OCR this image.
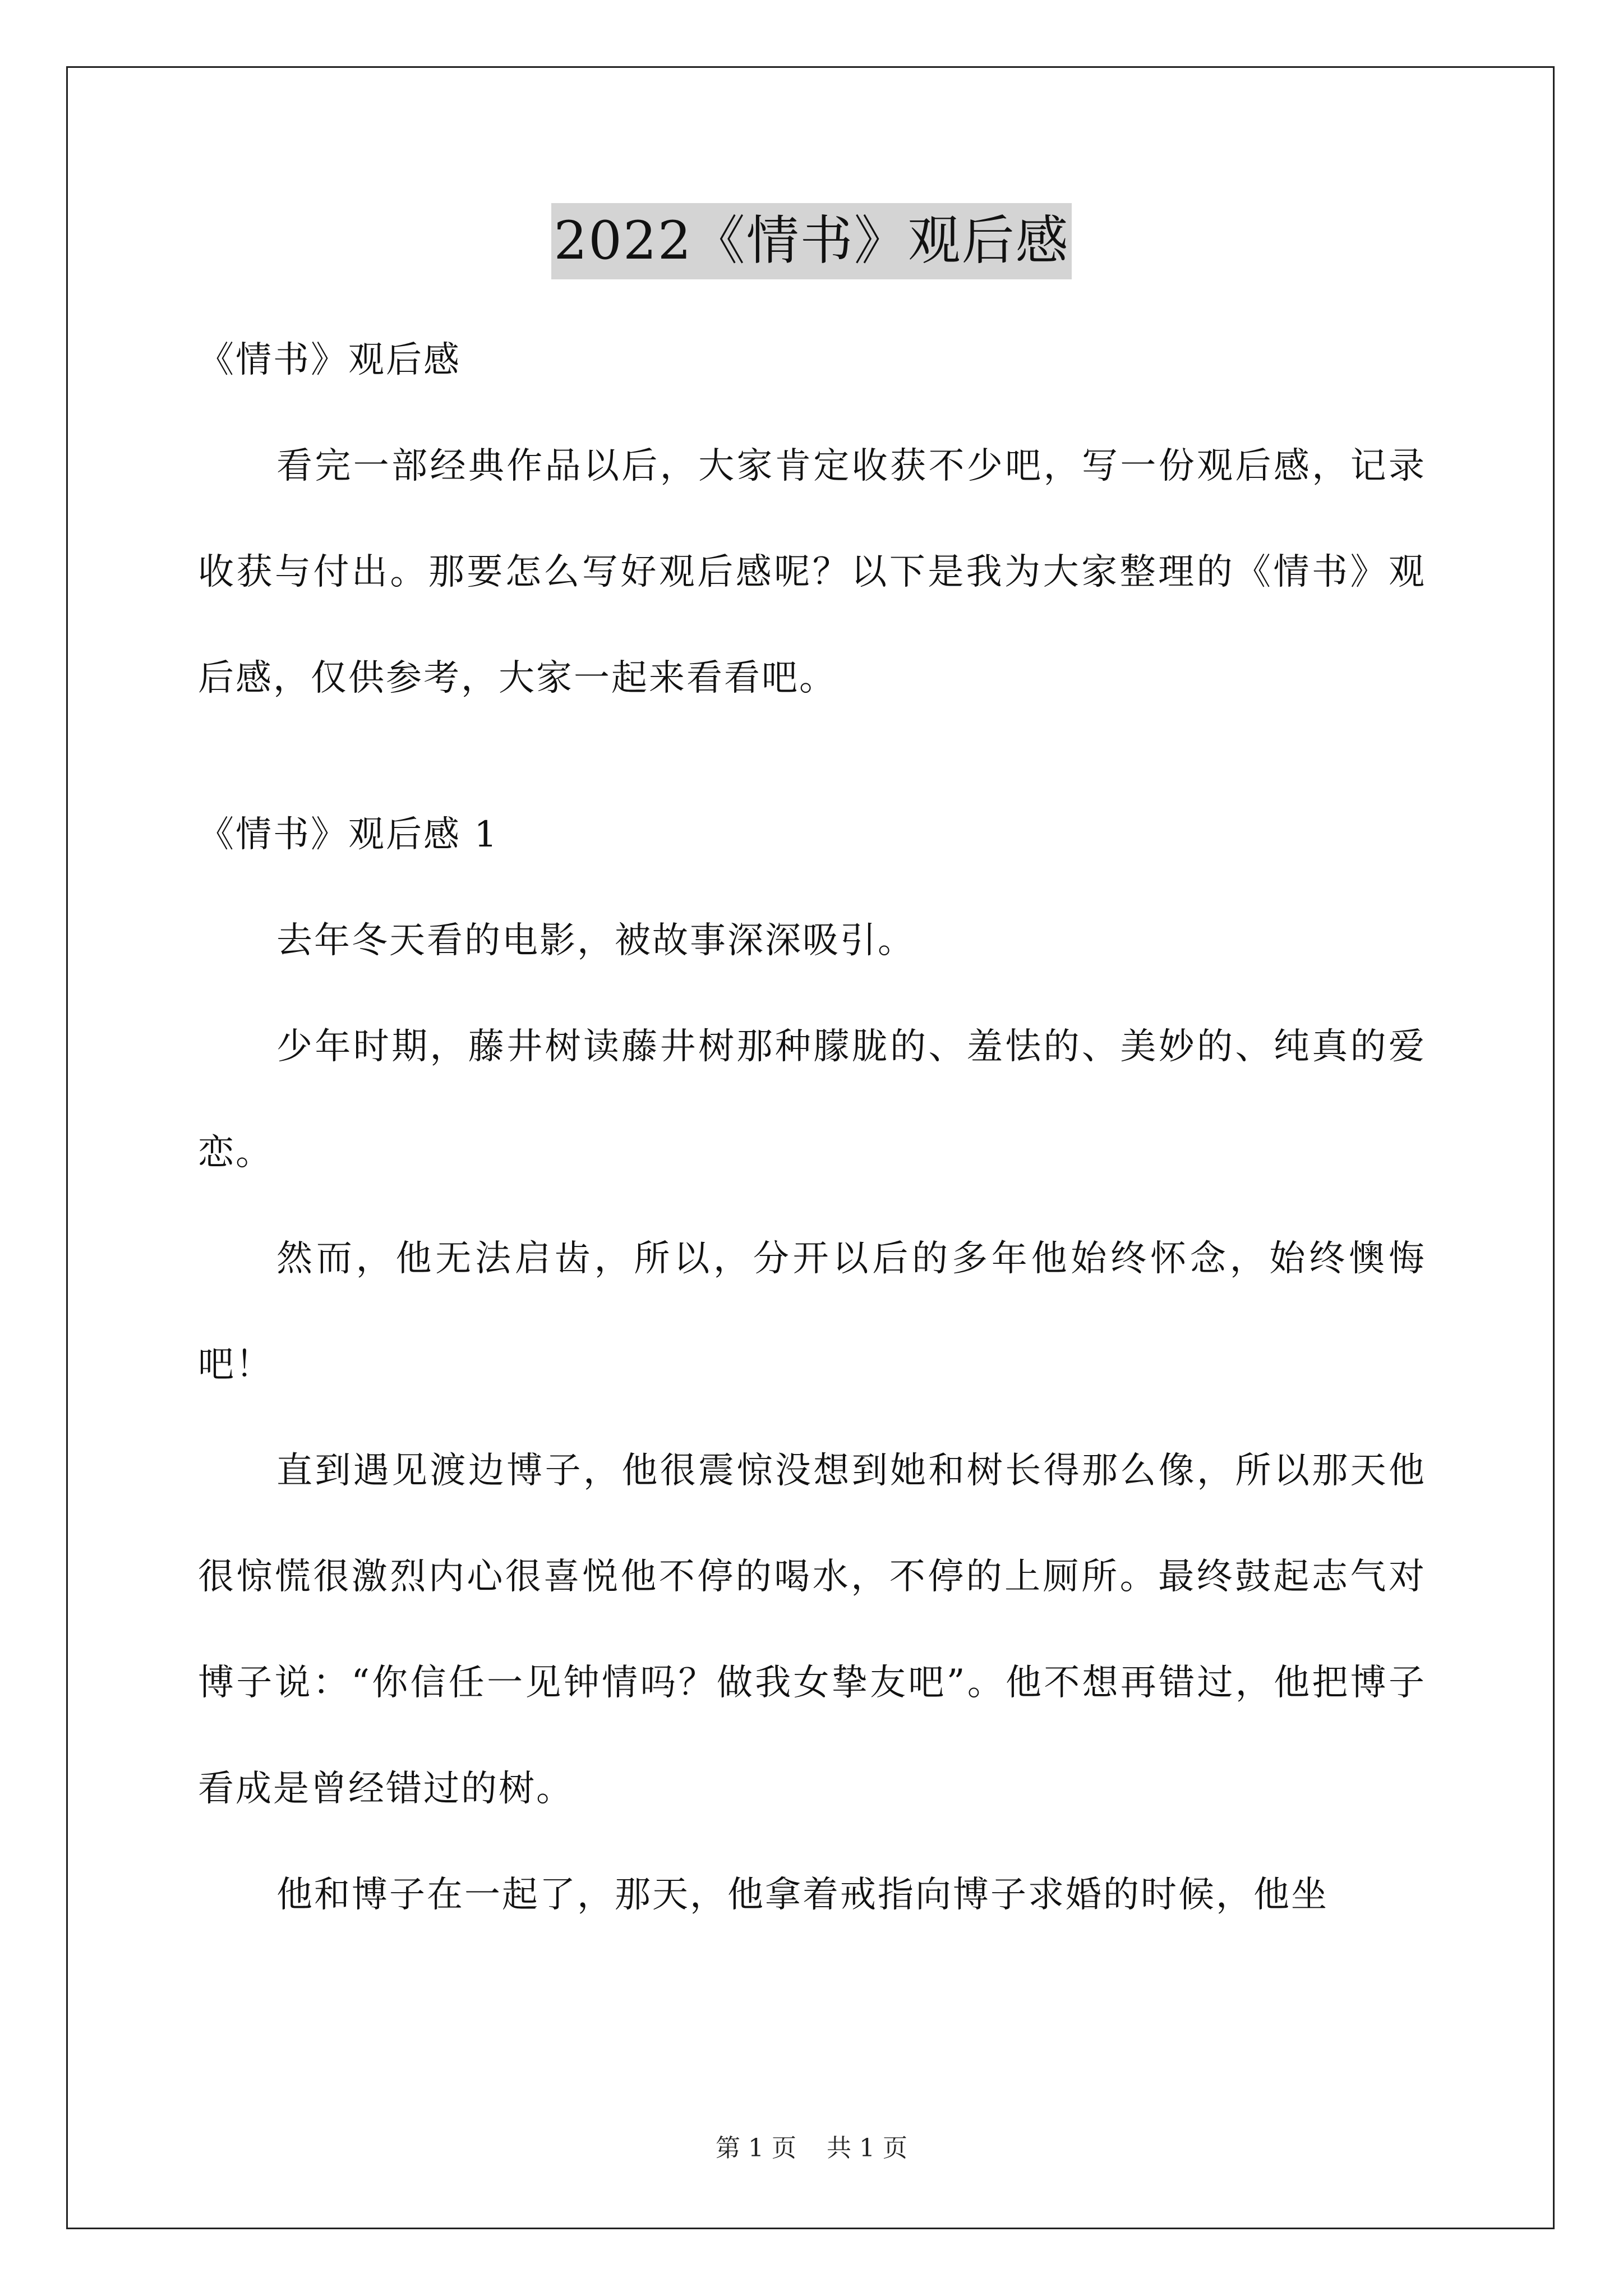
2022《情书》观后感
《情书》观后感
看完一部经典作品以后，大家肯定收获不少吧，写一份观后感，记录收获与付出。那要怎么写好观后感呢？以下是我为大家整理的《情书》观后感，仅供参考，大家一起来看看吧。
《情书》观后感 1
去年冬天看的电影，被故事深深吸引。
少年时期，藤井树读藤井树那种朦胧的、羞怯的、美妙的、纯真的爱恋。
然而，他无法启齿，所以，分开以后的多年他始终怀念，始终懊悔吧！
直到遇见渡边博子，他很震惊没想到她和树长得那么像，所以那天他很惊慌很激烈内心很喜悦他不停的喝水，不停的上厕所。最终鼓起志气对博子说：“你信任一见钟情吗？做我女挚友吧”。他不想再错过，他把博子看成是曾经错过的树。
他和博子在一起了，那天，他拿着戒指向博子求婚的时候，他坐
第 1 页 共 1 页
